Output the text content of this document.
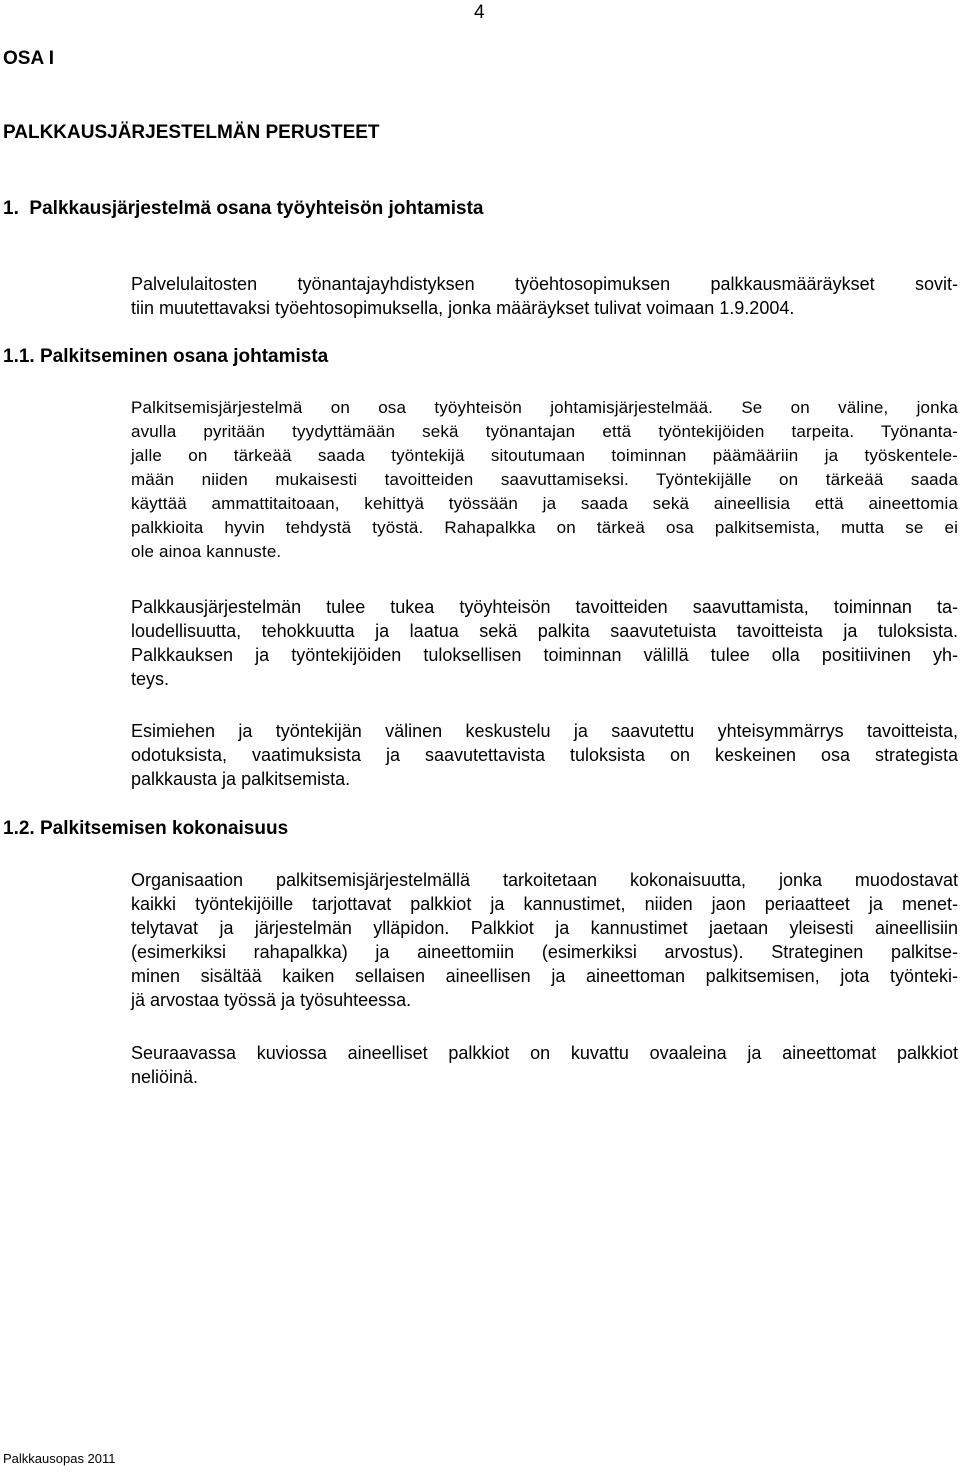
4
OSA I
PALKKAUSJÄRJESTELMÄN PERUSTEET
1. Palkkausjärjestelmä osana työyhteisön johtamista
Palvelulaitosten työnantajayhdistyksen työehtosopimuksen palkkausmääräykset sovit-
tiin muutettavaksi työehtosopimuksella, jonka määräykset tulivat voimaan 1.9.2004.
1.1. Palkitseminen osana johtamista
Palkitsemisjärjestelmä on osa työyhteisön johtamisjärjestelmää. Se on väline, jonka
avulla pyritään tyydyttämään sekä työnantajan että työntekijöiden tarpeita. Työnanta-
jalle on tärkeää saada työntekijä sitoutumaan toiminnan päämääriin ja työskentele-
mään niiden mukaisesti tavoitteiden saavuttamiseksi. Työntekijälle on tärkeää saada
käyttää ammattitaitoaan, kehittyä työssään ja saada sekä aineellisia että aineettomia
palkkioita hyvin tehdystä työstä. Rahapalkka on tärkeä osa palkitsemista, mutta se ei
ole ainoa kannuste.
Palkkausjärjestelmän tulee tukea työyhteisön tavoitteiden saavuttamista, toiminnan ta-
loudellisuutta, tehokkuutta ja laatua sekä palkita saavutetuista tavoitteista ja tuloksista.
Palkkauksen ja työntekijöiden tuloksellisen toiminnan välillä tulee olla positiivinen yh-
teys.
Esimiehen ja työntekijän välinen keskustelu ja saavutettu yhteisymmärrys tavoitteista,
odotuksista, vaatimuksista ja saavutettavista tuloksista on keskeinen osa strategista
palkkausta ja palkitsemista.
1.2. Palkitsemisen kokonaisuus
Organisaation palkitsemisjärjestelmällä tarkoitetaan kokonaisuutta, jonka muodostavat
kaikki työntekijöille tarjottavat palkkiot ja kannustimet, niiden jaon periaatteet ja menet-
telytavat ja järjestelmän ylläpidon. Palkkiot ja kannustimet jaetaan yleisesti aineellisiin
(esimerkiksi rahapalkka) ja aineettomiin (esimerkiksi arvostus). Strateginen palkitse-
minen sisältää kaiken sellaisen aineellisen ja aineettoman palkitsemisen, jota työnteki-
jä arvostaa työssä ja työsuhteessa.
Seuraavassa kuviossa aineelliset palkkiot on kuvattu ovaaleina ja aineettomat palkkiot
neliöinä.
Palkkausopas 2011
